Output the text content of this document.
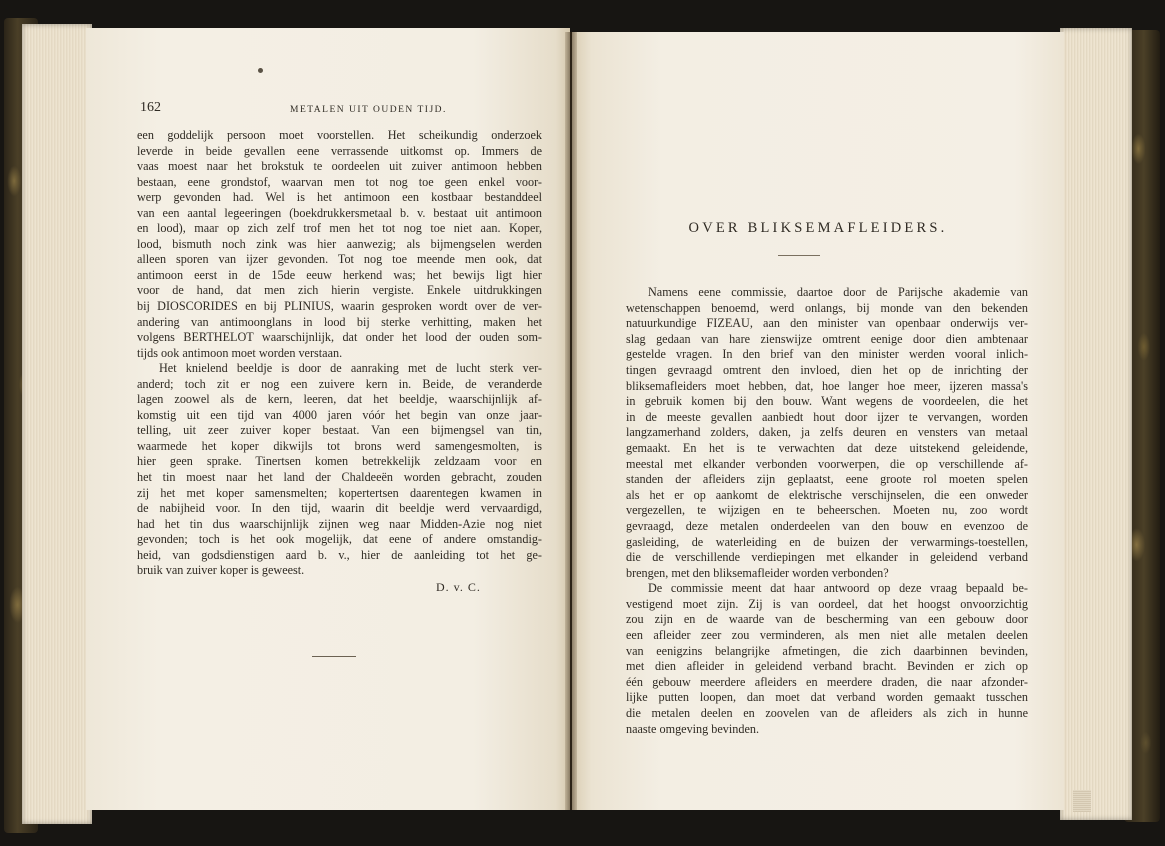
162	METALEN UIT OUDEN TIJD.
een goddelijk persoon moet voorstellen. Het scheikundig onderzoek
leverde in beide gevallen eene verrassende uitkomst op. Immers de
vaas moest naar het brokstuk te oordeelen uit zuiver antimoon hebben
bestaan, eene grondstof, waarvan men tot nog toe geen enkel voor-
werp gevonden had. Wel is het antimoon een kostbaar bestanddeel
van een aantal legeeringen (boekdrukkersmetaal b. v. bestaat uit antimoon
en lood), maar op zich zelf trof men het tot nog toe niet aan. Koper,
lood, bismuth noch zink was hier aanwezig; als bijmengselen werden
alleen sporen van ijzer gevonden. Tot nog toe meende men ook, dat
antimoon eerst in de 15de eeuw herkend was; het bewijs ligt hier
voor de hand, dat men zich hierin vergiste. Enkele uitdrukkingen
bij DIOSCORIDES en bij PLINIUS, waarin gesproken wordt over de ver-
andering van antimoonglans in lood bij sterke verhitting, maken het
volgens BERTHELOT waarschijnlijk, dat onder het lood der ouden som-
tijds ook antimoon moet worden verstaan.
Het knielend beeldje is door de aanraking met de lucht sterk ver-
anderd; toch zit er nog een zuivere kern in. Beide, de veranderde
lagen zoowel als de kern, leeren, dat het beeldje, waarschijnlijk af-
komstig uit een tijd van 4000 jaren vóór het begin van onze jaar-
telling, uit zeer zuiver koper bestaat. Van een bijmengsel van tin,
waarmede het koper dikwijls tot brons werd samengesmolten, is
hier geen sprake. Tinertsen komen betrekkelijk zeldzaam voor en
het tin moest naar het land der Chaldeeën worden gebracht, zouden
zij het met koper samensmelten; kopertertsen daarentegen kwamen in
de nabijheid voor. In den tijd, waarin dit beeldje werd vervaardigd,
had het tin dus waarschijnlijk zijnen weg naar Midden-Azie nog niet
gevonden; toch is het ook mogelijk, dat eene of andere omstandig-
heid, van godsdienstigen aard b. v., hier de aanleiding tot het ge-
bruik van zuiver koper is geweest.
D. v. C.
OVER BLIKSEMAFLEIDERS.
Namens eene commissie, daartoe door de Parijsche akademie van
wetenschappen benoemd, werd onlangs, bij monde van den bekenden
natuurkundige FIZEAU, aan den minister van openbaar onderwijs ver-
slag gedaan van hare zienswijze omtrent eenige door dien ambtenaar
gestelde vragen. In den brief van den minister werden vooral inlich-
tingen gevraagd omtrent den invloed, dien het op de inrichting der
bliksemafleiders moet hebben, dat, hoe langer hoe meer, ijzeren massa's
in gebruik komen bij den bouw. Want wegens de voordeelen, die het
in de meeste gevallen aanbiedt hout door ijzer te vervangen, worden
langzamerhand zolders, daken, ja zelfs deuren en vensters van metaal
gemaakt. En het is te verwachten dat deze uitstekend geleidende,
meestal met elkander verbonden voorwerpen, die op verschillende af-
standen der afleiders zijn geplaatst, eene groote rol moeten spelen
als het er op aankomt de elektrische verschijnselen, die een onweder
vergezellen, te wijzigen en te beheerschen. Moeten nu, zoo wordt
gevraagd, deze metalen onderdeelen van den bouw en evenzoo de
gasleiding, de waterleiding en de buizen der verwarmings-toestellen,
die de verschillende verdiepingen met elkander in geleidend verband
brengen, met den bliksemafleider worden verbonden?
De commissie meent dat haar antwoord op deze vraag bepaald be-
vestigend moet zijn. Zij is van oordeel, dat het hoogst onvoorzichtig
zou zijn en de waarde van de bescherming van een gebouw door
een afleider zeer zou verminderen, als men niet alle metalen deelen
van eenigzins belangrijke afmetingen, die zich daarbinnen bevinden,
met dien afleider in geleidend verband bracht. Bevinden er zich op
één gebouw meerdere afleiders en meerdere draden, die naar afzonder-
lijke putten loopen, dan moet dat verband worden gemaakt tusschen
die metalen deelen en zoovelen van de afleiders als zich in hunne
naaste omgeving bevinden.
